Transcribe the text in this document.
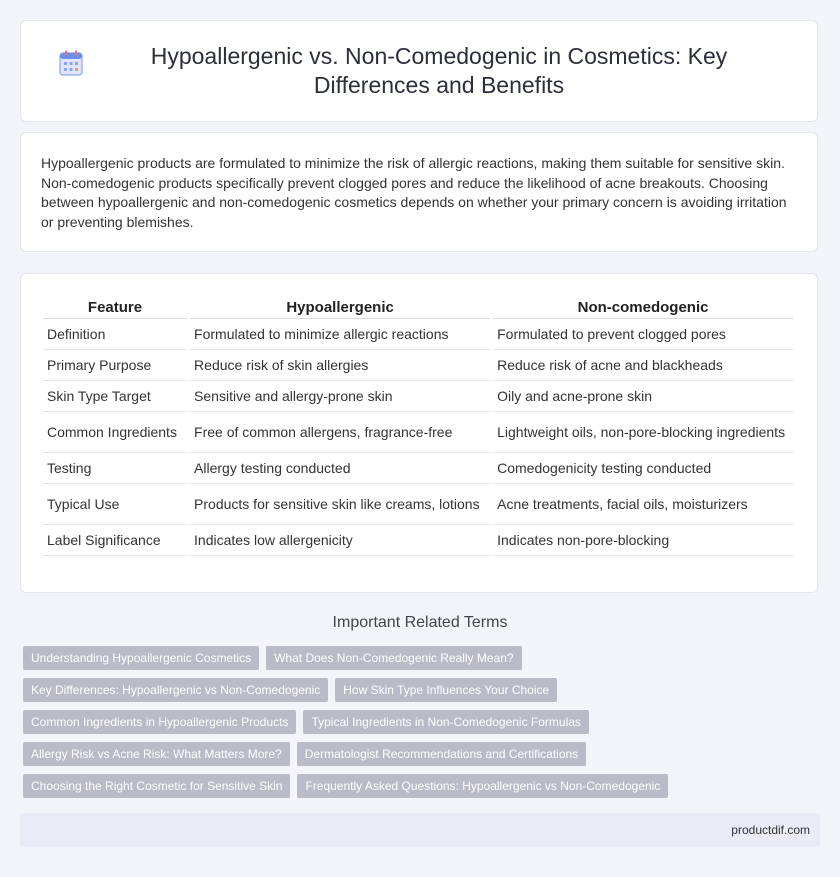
Hypoallergenic vs. Non-Comedogenic in Cosmetics: Key Differences and Benefits

Hypoallergenic products are formulated to minimize the risk of allergic reactions, making them suitable for sensitive skin. Non-comedogenic products specifically prevent clogged pores and reduce the likelihood of acne breakouts. Choosing between hypoallergenic and non-comedogenic cosmetics depends on whether your primary concern is avoiding irritation or preventing blemishes.

Feature	Hypoallergenic	Non-comedogenic
Definition	Formulated to minimize allergic reactions	Formulated to prevent clogged pores
Primary Purpose	Reduce risk of skin allergies	Reduce risk of acne and blackheads
Skin Type Target	Sensitive and allergy-prone skin	Oily and acne-prone skin
Common Ingredients	Free of common allergens, fragrance-free	Lightweight oils, non-pore-blocking ingredients
Testing	Allergy testing conducted	Comedogenicity testing conducted
Typical Use	Products for sensitive skin like creams, lotions	Acne treatments, facial oils, moisturizers
Label Significance	Indicates low allergenicity	Indicates non-pore-blocking
Important Related Terms
Understanding Hypoallergenic Cosmetics	What Does Non-Comedogenic Really Mean?
Key Differences: Hypoallergenic vs Non-Comedogenic	How Skin Type Influences Your Choice
Common Ingredients in Hypoallergenic Products	Typical Ingredients in Non-Comedogenic Formulas
Allergy Risk vs Acne Risk: What Matters More?	Dermatologist Recommendations and Certifications
Choosing the Right Cosmetic for Sensitive Skin	Frequently Asked Questions: Hypoallergenic vs Non-Comedogenic
productdif.com
